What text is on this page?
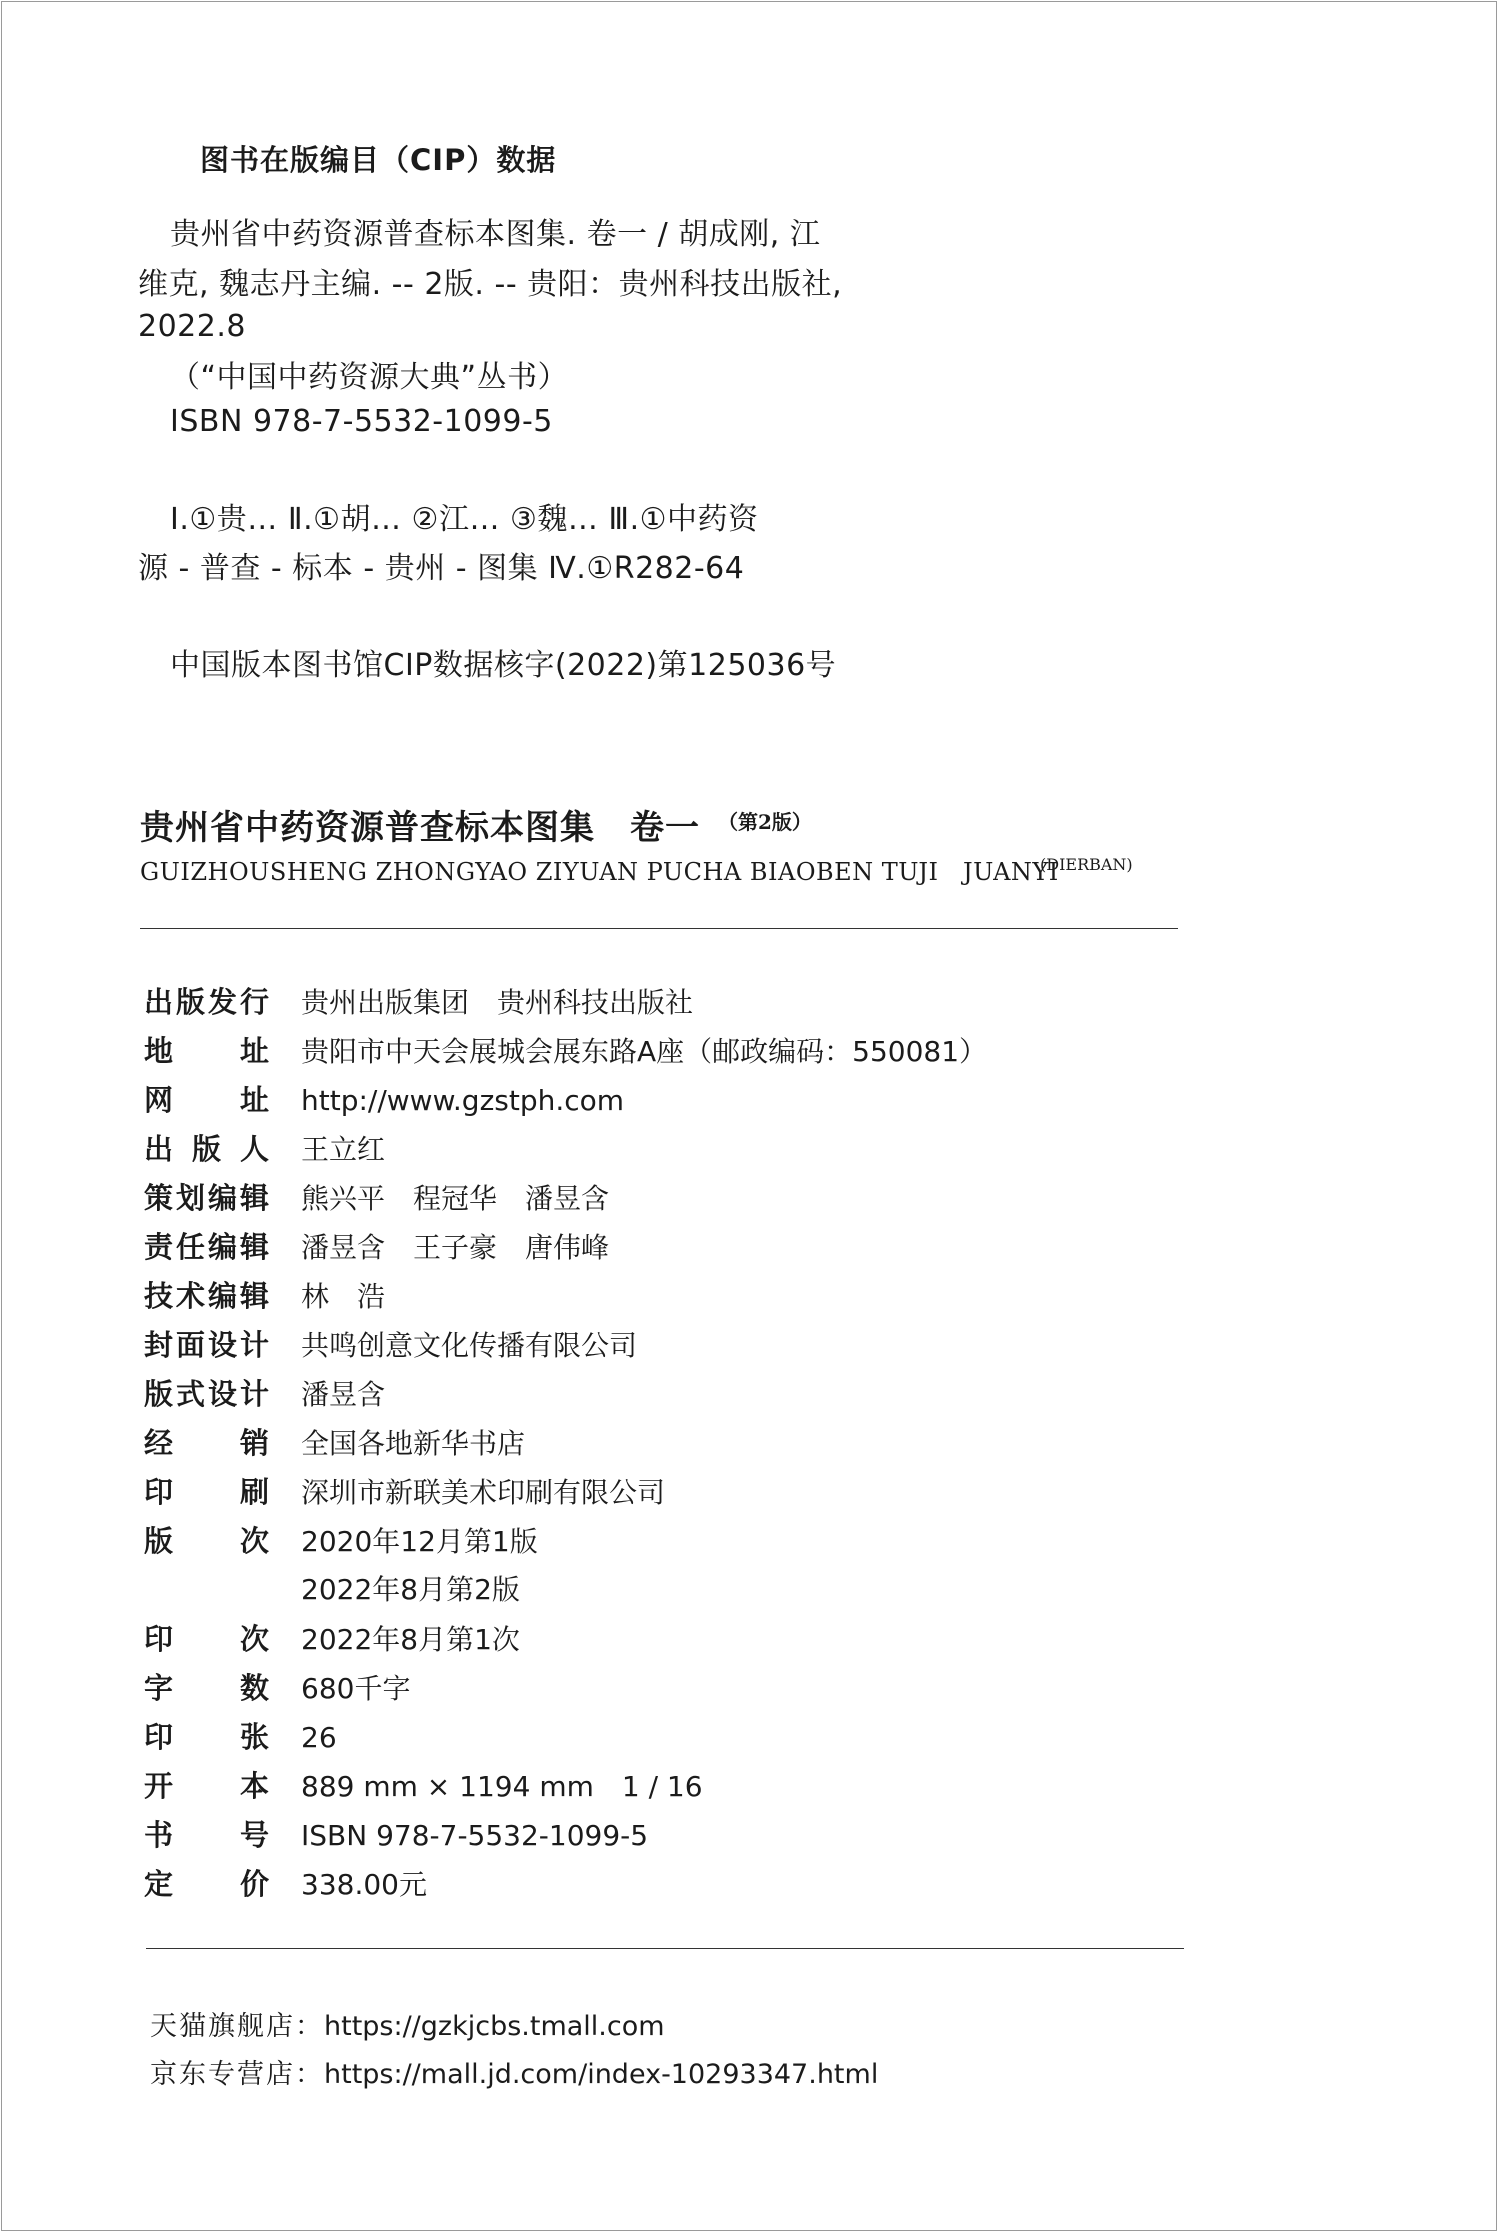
图书在版编目（CIP）数据
贵州省中药资源普查标本图集. 卷一 / 胡成刚, 江
维克, 魏志丹主编. -- 2版. -- 贵阳：贵州科技出版社,
2022.8
（“中国中药资源大典”丛书）
ISBN 978-7-5532-1099-5
Ⅰ.①贵… Ⅱ.①胡… ②江… ③魏… Ⅲ.①中药资
源 - 普查 - 标本 - 贵州 - 图集 Ⅳ.①R282-64
中国版本图书馆CIP数据核字(2022)第125036号
贵州省中药资源普查标本图集　卷一 （第2版）
GUIZHOUSHENG ZHONGYAO ZIYUAN PUCHA BIAOBEN TUJI　JUANYI
(DIERBAN)
出 版 发 行 贵州出版集团　贵州科技出版社
地 址 贵阳市中天会展城会展东路A座（邮政编码：550081）
网 址 http://www.gzstph.com
出 版 人 王立红
策 划 编 辑 熊兴平　程冠华　潘昱含
责 任 编 辑 潘昱含　王子豪　唐伟峰
技 术 编 辑 林　浩
封 面 设 计 共鸣创意文化传播有限公司
版 式 设 计 潘昱含
经 销 全国各地新华书店
印 刷 深圳市新联美术印刷有限公司
版 次 2020年12月第1版
2022年8月第2版
印 次 2022年8月第1次
字 数 680千字
印 张 26
开 本 889 mm × 1194 mm　1 / 16
书 号 ISBN 978-7-5532-1099-5
定 价 338.00元
天猫旗舰店：https://gzkjcbs.tmall.com
京东专营店：https://mall.jd.com/index-10293347.html
